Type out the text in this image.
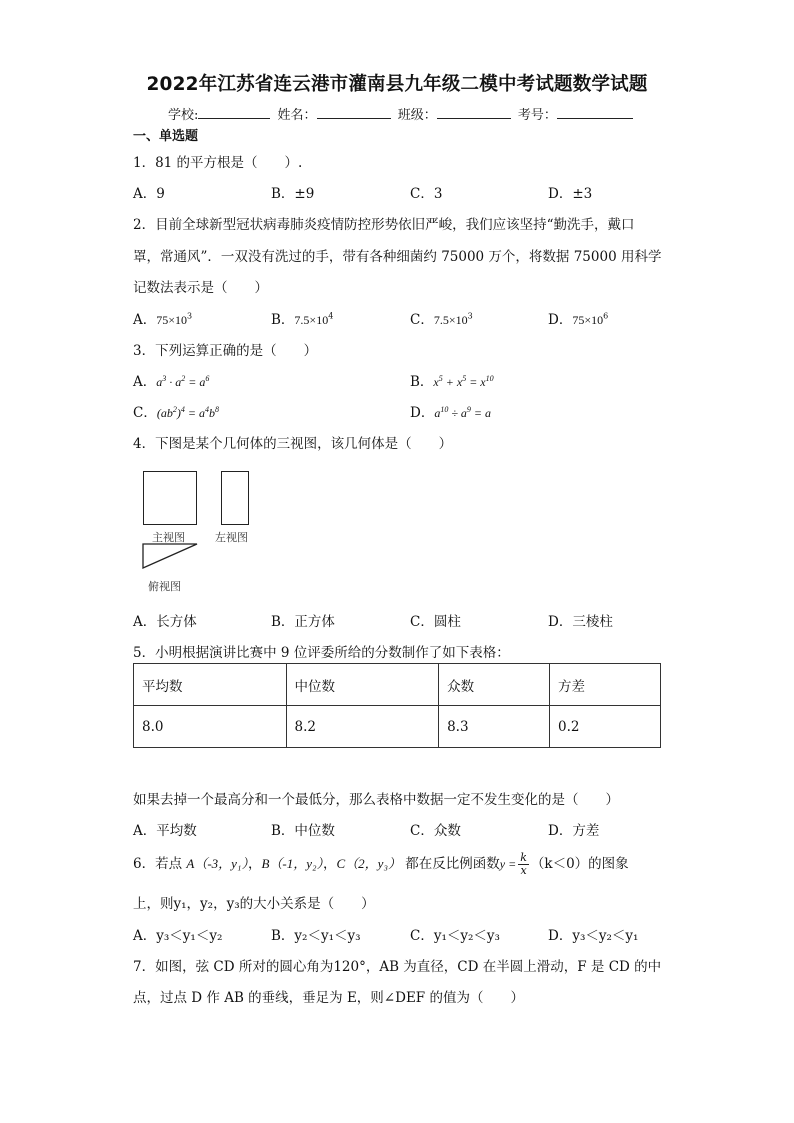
2022年江苏省连云港市灌南县九年级二模中考试题数学试题
学校:	姓名：	班级：	考号：
一、单选题
1．81 的平方根是（　　）.
A．9	B．±9	C．3	D．±3
2．目前全球新型冠状病毒肺炎疫情防控形势依旧严峻，我们应该坚持“勤洗手，戴口
罩，常通风”．一双没有洗过的手，带有各种细菌约 75000 万个，将数据 75000 用科学
记数法表示是（　　）
A．$75\times 10^3$	B．$7.5\times 10^4$	C．$7.5\times 10^3$	D．$75\times 10^6$
3．下列运算正确的是（　　）
A．$a^3 \cdot a^2 = a^6$	B．$x^5 + x^5 = x^{10}$
C．$(ab^2)^4 = a^4b^8$	D．$a^{10} \div a^9 = a$
4．下图是某个几何体的三视图，该几何体是（　　）
主视图	左视图
俯视图
A．长方体	B．正方体	C．圆柱	D．三棱柱
5．小明根据演讲比赛中 9 位评委所给的分数制作了如下表格：
平均数	中位数	众数	方差
8.0	8.2	8.3	0.2
如果去掉一个最高分和一个最低分，那么表格中数据一定不发生变化的是（　　）
A．平均数	B．中位数	C．众数	D．方差
6．若点 A（-3，y₁），B（-1，y₂），C（2，y₃） 都在反比例函数$y = \frac{k}{x} (k<0)$的图象
上，则y₁，y₂，y₃的大小关系是（　　）
A．y₃＜y₁＜y₂	B．y₂＜y₁＜y₃	C．y₁＜y₂＜y₃	D．y₃＜y₂＜y₁
7．如图，弦 CD 所对的圆心角为120°，AB 为直径，CD 在半圆上滑动，F 是 CD 的中
点，过点 D 作 AB 的垂线，垂足为 E，则∠DEF 的值为（　　）
